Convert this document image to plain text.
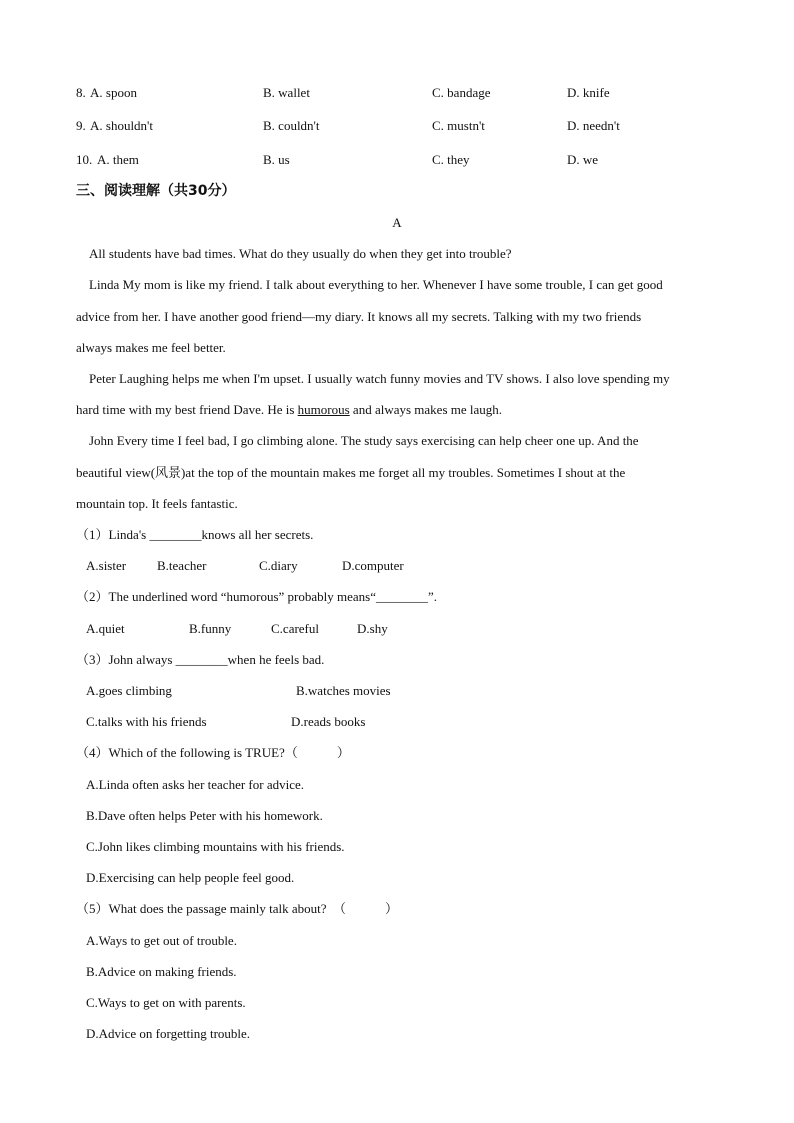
8. A. spoon	B. wallet	C. bandage	D. knife
9. A. shouldn't	B. couldn't	C. mustn't	D. needn't
10. A. them	B. us	C. they	D. we
三、阅读理解（共30分）
A
All students have bad times. What do they usually do when they get into trouble?
Linda My mom is like my friend. I talk about everything to her. Whenever I have some trouble, I can get good
advice from her. I have another good friend—my diary. It knows all my secrets. Talking with my two friends
always makes me feel better.
Peter Laughing helps me when I'm upset. I usually watch funny movies and TV shows. I also love spending my
hard time with my best friend Dave. He is humorous and always makes me laugh.
John Every time I feel bad, I go climbing alone. The study says exercising can help cheer one up. And the
beautiful view(风景)at the top of the mountain makes me forget all my troubles. Sometimes I shout at the
mountain top. It feels fantastic.
（1）Linda's ________knows all her secrets.
A.sister B.teacher	C.diary	D.computer
（2）The underlined word “humorous” probably means“________”.
A.quiet	B.funny	C.careful	D.shy
（3）John always ________when he feels bad.
A.goes climbing	B.watches movies
C.talks with his friends	D.reads books
（4）Which of the following is TRUE?（　　　）
A.Linda often asks her teacher for advice.
B.Dave often helps Peter with his homework.
C.John likes climbing mountains with his friends.
D.Exercising can help people feel good.
（5）What does the passage mainly talk about?　（　　　）
A.Ways to get out of trouble.
B.Advice on making friends.
C.Ways to get on with parents.
D.Advice on forgetting trouble.
